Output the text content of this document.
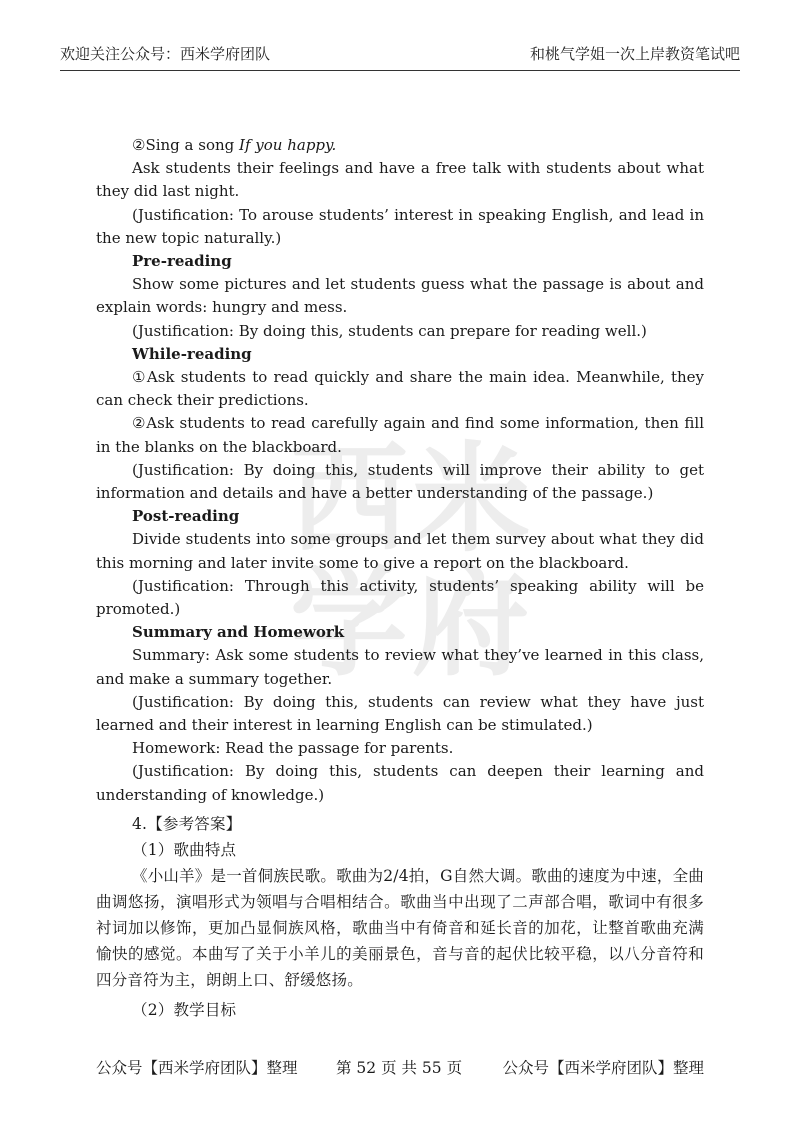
欢迎关注公众号：西米学府团队	和桃气学姐一次上岸教资笔试吧
西 米
学 府

②Sing a song If you happy.

Ask students their feelings and have a free talk with students about what they did last night.

(Justification: To arouse students’ interest in speaking English, and lead in the new topic naturally.)

Pre-reading

Show some pictures and let students guess what the passage is about and explain words: hungry and mess.

(Justification: By doing this, students can prepare for reading well.)

While-reading

①Ask students to read quickly and share the main idea. Meanwhile, they can check their predictions.

②Ask students to read carefully again and find some information, then fill in the blanks on the blackboard.

(Justification: By doing this, students will improve their ability to get information and details and have a better understanding of the passage.)

Post-reading

Divide students into some groups and let them survey about what they did this morning and later invite some to give a report on the blackboard.

(Justification: Through this activity, students’ speaking ability will be promoted.)

Summary and Homework

Summary: Ask some students to review what they’ve learned in this class, and make a summary together.

(Justification: By doing this, students can review what they have just learned and their interest in learning English can be stimulated.)

Homework: Read the passage for parents.

(Justification: By doing this, students can deepen their learning and understanding of knowledge.)

4.【参考答案】

（1）歌曲特点

《小山羊》是一首侗族民歌。歌曲为2/4拍，G自然大调。歌曲的速度为中速，全曲曲调悠扬，演唱形式为领唱与合唱相结合。歌曲当中出现了二声部合唱，歌词中有很多衬词加以修饰，更加凸显侗族风格，歌曲当中有倚音和延长音的加花，让整首歌曲充满愉快的感觉。本曲写了关于小羊儿的美丽景色，音与音的起伏比较平稳，以八分音符和四分音符为主，朗朗上口、舒缓悠扬。

（2）教学目标

公众号【西米学府团队】整理 第 52 页 共 55 页	公众号【西米学府团队】整理
